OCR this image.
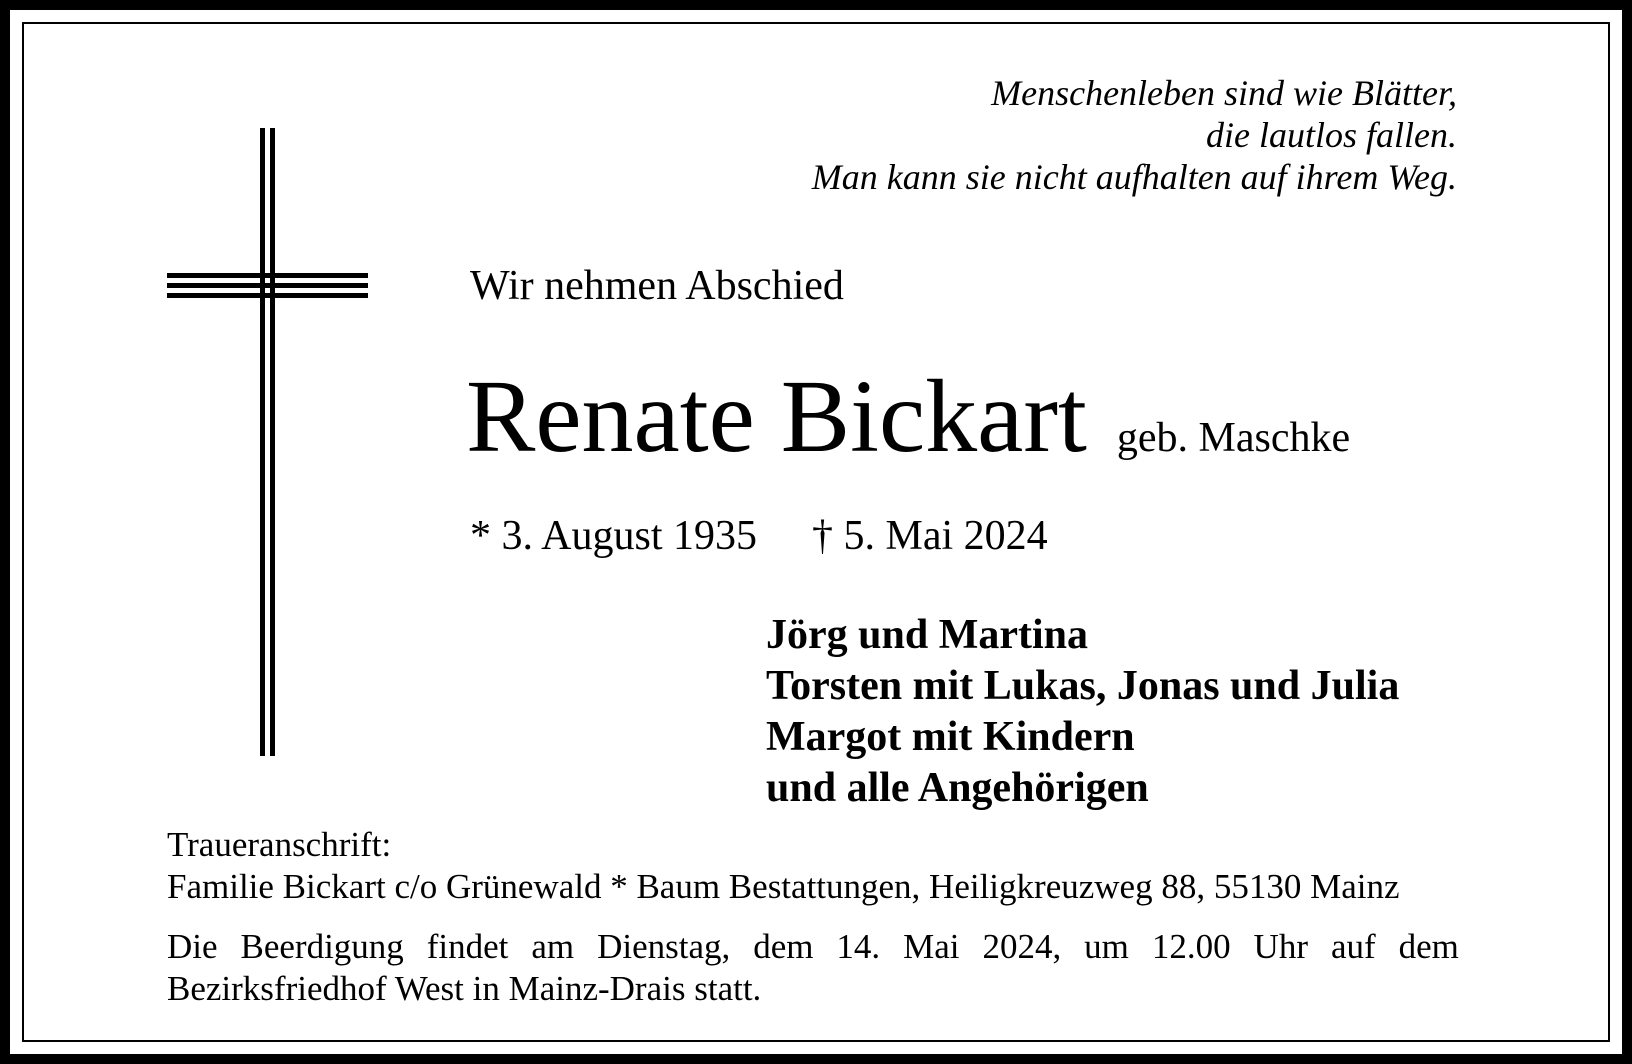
Menschenleben sind wie Blätter,
die lautlos fallen.
Man kann sie nicht aufhalten auf ihrem Weg.
Wir nehmen Abschied
Renate Bickart geb. Maschke
* 3. August 1935 † 5. Mai 2024
Jörg und Martina
Torsten mit Lukas, Jonas und Julia
Margot mit Kindern
und alle Angehörigen
Traueranschrift:
Familie Bickart c/o Grünewald * Baum Bestattungen, Heiligkreuzweg 88, 55130 Mainz
Die Beerdigung findet am Dienstag, dem 14. Mai 2024, um 12.00 Uhr auf dem
Bezirksfriedhof West in Mainz-Drais statt.
